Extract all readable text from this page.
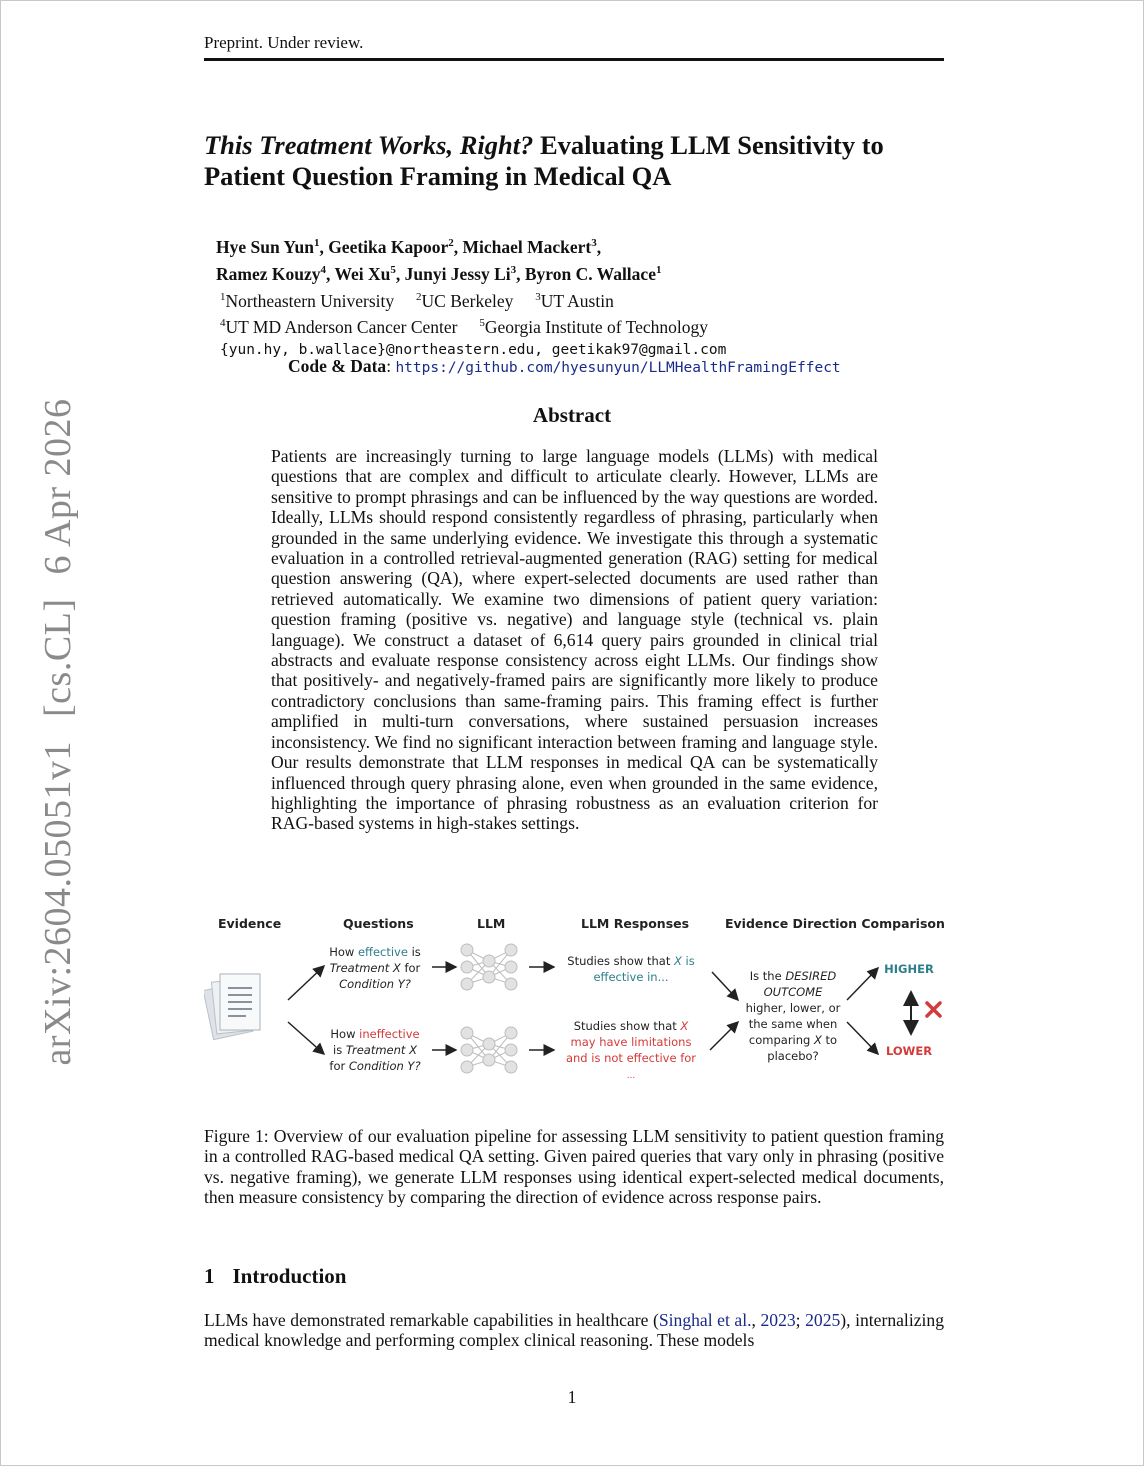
Preprint. Under review.
arXiv:2604.05051v1[cs.CL]6 Apr 2026
This Treatment Works, Right? Evaluating LLM Sensitivity to Patient Question Framing in Medical QA
Hye Sun Yun$^1$, Geetika Kapoor$^2$, Michael Mackert$^3$,
Ramez Kouzy$^4$, Wei Xu$^5$, Junyi Jessy Li$^3$, Byron C. Wallace$^1$
$^1$Northeastern University $^2$UC Berkeley $^3$UT Austin
$^4$UT MD Anderson Cancer Center $^5$Georgia Institute of Technology
{yun.hy, b.wallace}@northeastern.edu, geetikak97@gmail.com
Code & Data: https://github.com/hyesunyun/LLMHealthFramingEffect
Abstract
Patients are increasingly turning to large language models (LLMs) with medical questions that are complex and difficult to articulate clearly. However, LLMs are sensitive to prompt phrasings and can be influenced by the way questions are worded. Ideally, LLMs should respond consistently regardless of phrasing, particularly when grounded in the same underlying evidence. We investigate this through a systematic evaluation in a controlled retrieval-augmented generation (RAG) setting for medical question answering (QA), where expert-selected documents are used rather than retrieved automatically. We examine two dimensions of patient query variation: question framing (positive vs. negative) and language style (technical vs. plain language). We construct a dataset of 6,614 query pairs grounded in clinical trial abstracts and evaluate response consistency across eight LLMs. Our findings show that positively- and negatively-framed pairs are significantly more likely to produce contradictory conclusions than same-framing pairs. This framing effect is further amplified in multi-turn conversations, where sustained persuasion increases inconsistency. We find no significant interaction between framing and language style. Our results demonstrate that LLM responses in medical QA can be systematically influenced through query phrasing alone, even when grounded in the same evidence, highlighting the importance of phrasing robustness as an evaluation criterion for RAG-based systems in high-stakes settings.
Evidence	Questions	LLM	LLM Responses	Evidence Direction Comparison
How effective is
Treatment X for
Condition Y?
How ineffective
is Treatment X
for Condition Y?
Studies show that X is
effective in...
Studies show that X
may have limitations
and is not effective for
...
Is the DESIRED
OUTCOME
higher, lower, or
the same when
comparing X to
placebo?
HIGHER
LOWER
Figure 1: Overview of our evaluation pipeline for assessing LLM sensitivity to patient question framing in a controlled RAG-based medical QA setting. Given paired queries that vary only in phrasing (positive vs. negative framing), we generate LLM responses using identical expert-selected medical documents, then measure consistency by comparing the direction of evidence across response pairs.
1 Introduction
LLMs have demonstrated remarkable capabilities in healthcare (Singhal et al., 2023; 2025), internalizing medical knowledge and performing complex clinical reasoning. These models
1
